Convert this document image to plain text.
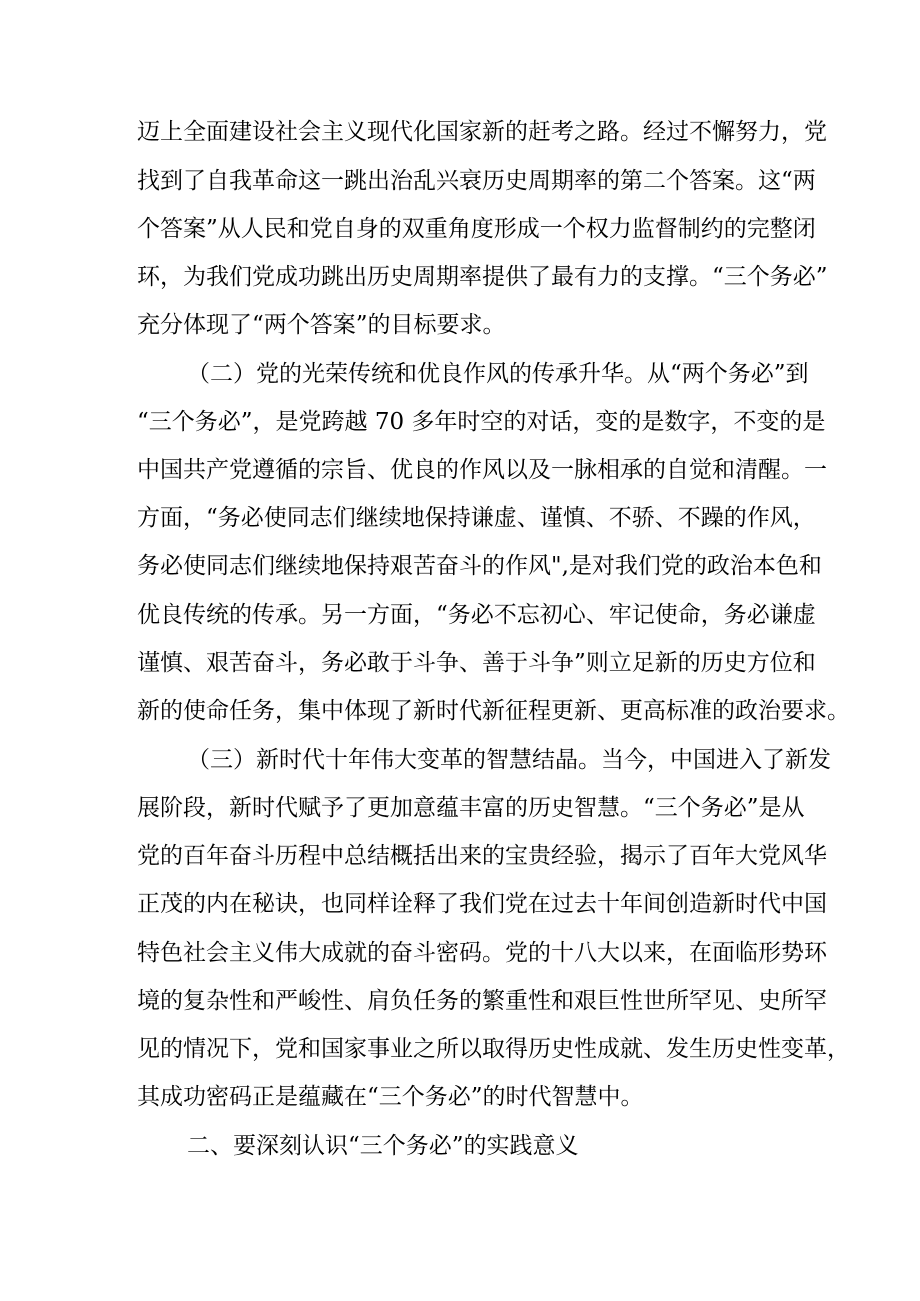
迈上全面建设社会主义现代化国家新的赶考之路。经过不懈努力，党
找到了自我革命这一跳出治乱兴衰历史周期率的第二个答案。这“两
个答案”从人民和党自身的双重角度形成一个权力监督制约的完整闭
环，为我们党成功跳出历史周期率提供了最有力的支撑。“三个务必”
充分体现了“两个答案”的目标要求。
（二）党的光荣传统和优良作风的传承升华。从“两个务必”到
“三个务必”，是党跨越 70 多年时空的对话，变的是数字，不变的是
中国共产党遵循的宗旨、优良的作风以及一脉相承的自觉和清醒。一
方面，“务必使同志们继续地保持谦虚、谨慎、不骄、不躁的作风，
务必使同志们继续地保持艰苦奋斗的作风",是对我们党的政治本色和
优良传统的传承。另一方面，“务必不忘初心、牢记使命，务必谦虚
谨慎、艰苦奋斗，务必敢于斗争、善于斗争”则立足新的历史方位和
新的使命任务，集中体现了新时代新征程更新、更高标准的政治要求。
（三）新时代十年伟大变革的智慧结晶。当今，中国进入了新发
展阶段，新时代赋予了更加意蕴丰富的历史智慧。“三个务必”是从
党的百年奋斗历程中总结概括出来的宝贵经验，揭示了百年大党风华
正茂的内在秘诀，也同样诠释了我们党在过去十年间创造新时代中国
特色社会主义伟大成就的奋斗密码。党的十八大以来，在面临形势环
境的复杂性和严峻性、肩负任务的繁重性和艰巨性世所罕见、史所罕
见的情况下，党和国家事业之所以取得历史性成就、发生历史性变革，
其成功密码正是蕴藏在“三个务必”的时代智慧中。
二、要深刻认识“三个务必”的实践意义
